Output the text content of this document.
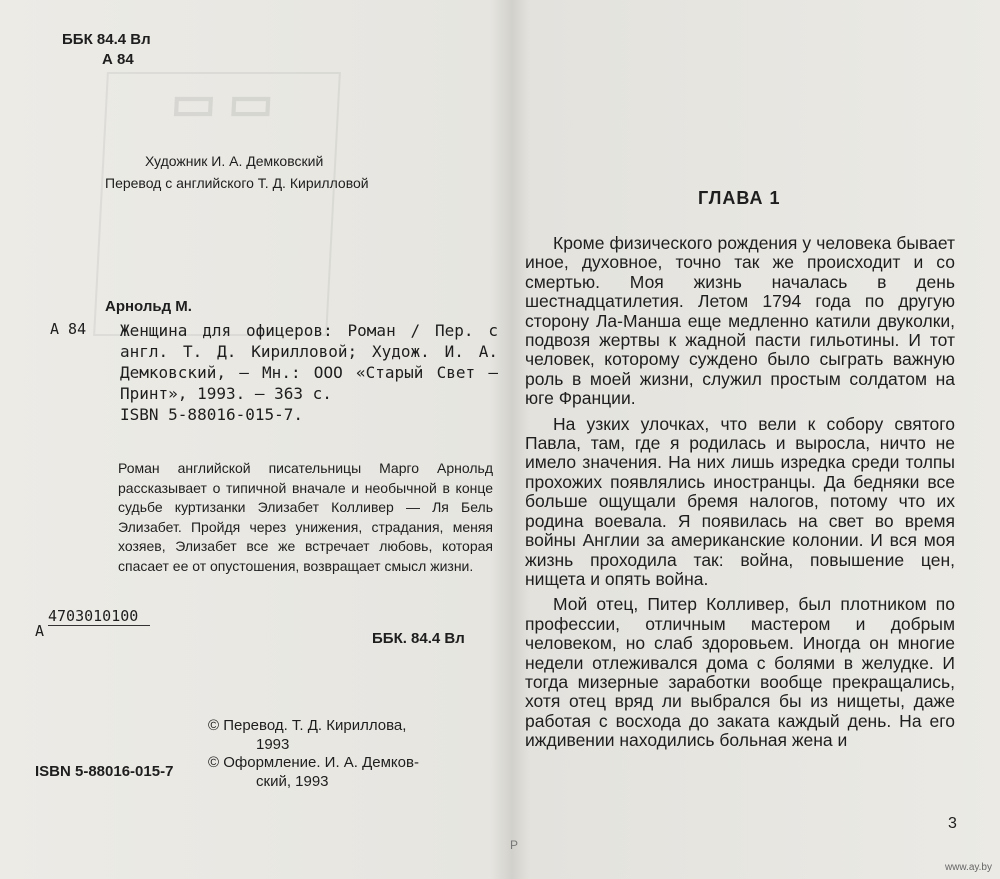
▭ ▭
ББК 84.4 Вл
А 84
Художник И. А. Демковский
Перевод с английского Т. Д. Кирилловой
Арнольд М.
А 84 Женщина для офицеров: Роман / Пер. с англ. Т. Д. Кирилловой; Худож. И. А. Демковский, — Мн.: ООО «Старый Свет — Принт», 1993. — 363 с.
ISBN 5-88016-015-7.
Роман английской писательницы Марго Арнольд рассказывает о типичной вначале и необычной в конце судьбе куртизанки Элизабет Колливер — Ля Бель Элизабет. Пройдя через унижения, страдания, меняя хозяев, Элизабет все же встречает любовь, которая спасает ее от опустошения, возвращает смысл жизни.
4703010100
А	ББК. 84.4 Вл
© Перевод. Т. Д. Кириллова,
1993
© Оформление. И. А. Демков-
ский, 1993
ISBN 5-88016-015-7
ГЛАВА 1

Кроме физического рождения у человека бывает иное, духовное, точно так же происходит и со смертью. Моя жизнь началась в день шестнадцатилетия. Летом 1794 года по другую сторону Ла-Манша еще медленно катили двуколки, подвозя жертвы к жадной пасти гильотины. И тот человек, которому суждено было сыграть важную роль в моей жизни, служил простым солдатом на юге Франции.

На узких улочках, что вели к собору святого Павла, там, где я родилась и выросла, ничто не имело значения. На них лишь изредка среди толпы прохожих появлялись иностранцы. Да бедняки все больше ощущали бремя налогов, потому что их родина воевала. Я появилась на свет во время войны Англии за американские колонии. И вся моя жизнь проходила так: война, повышение цен, нищета и опять война.

Мой отец, Питер Колливер, был плотником по профессии, отличным мастером и добрым человеком, но слаб здоровьем. Иногда он многие недели отлеживался дома с болями в желудке. И тогда мизерные заработки вообще прекращались, хотя отец вряд ли выбрался бы из нищеты, даже работая с восхода до заката каждый день. На его иждивении находились больная жена и

3
P
www.ay.by
